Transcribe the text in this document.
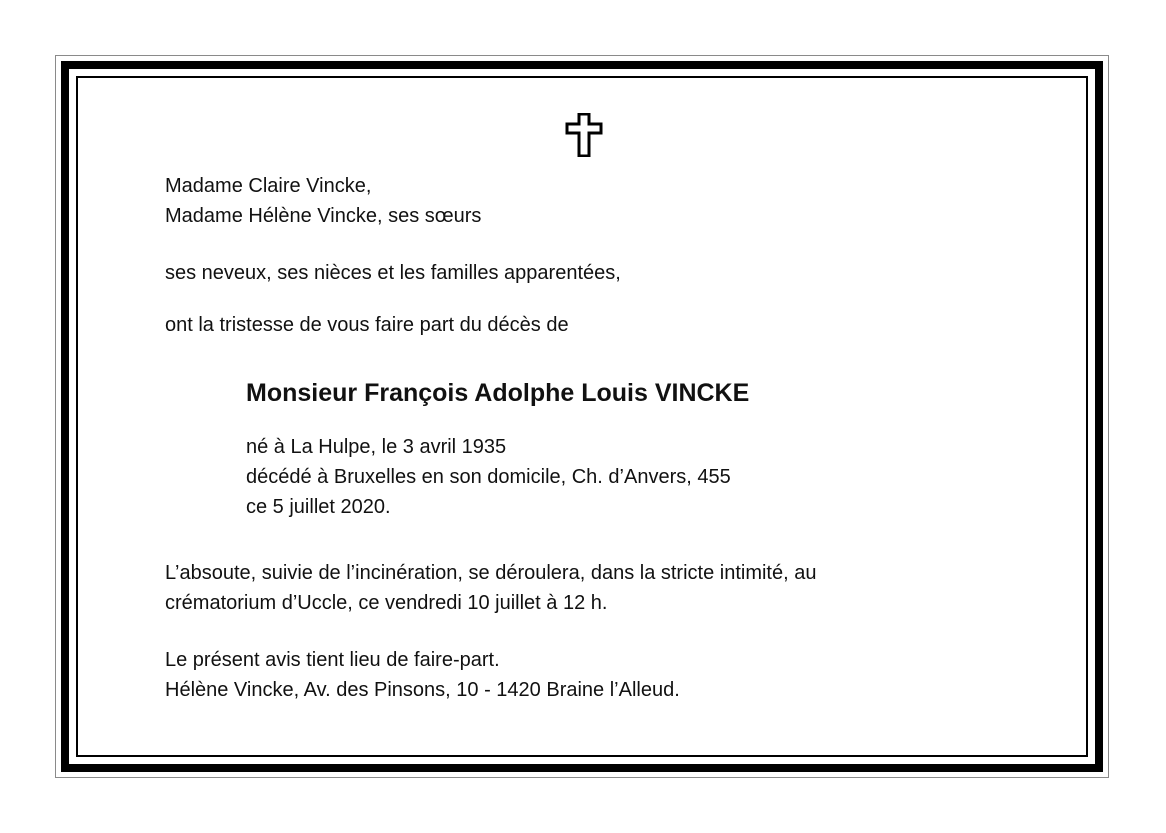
Madame Claire Vincke,
Madame Hélène Vincke, ses sœurs
ses neveux, ses nièces et les familles apparentées,
ont la tristesse de vous faire part du décès de
Monsieur François Adolphe Louis VINCKE
né à La Hulpe, le 3 avril 1935
décédé à Bruxelles en son domicile, Ch. d’Anvers, 455
ce 5 juillet 2020.
L’absoute, suivie de l’incinération, se déroulera, dans la stricte intimité, au
crématorium d’Uccle, ce vendredi 10 juillet à 12 h.
Le présent avis tient lieu de faire-part.
Hélène Vincke, Av. des Pinsons, 10 - 1420 Braine l’Alleud.
